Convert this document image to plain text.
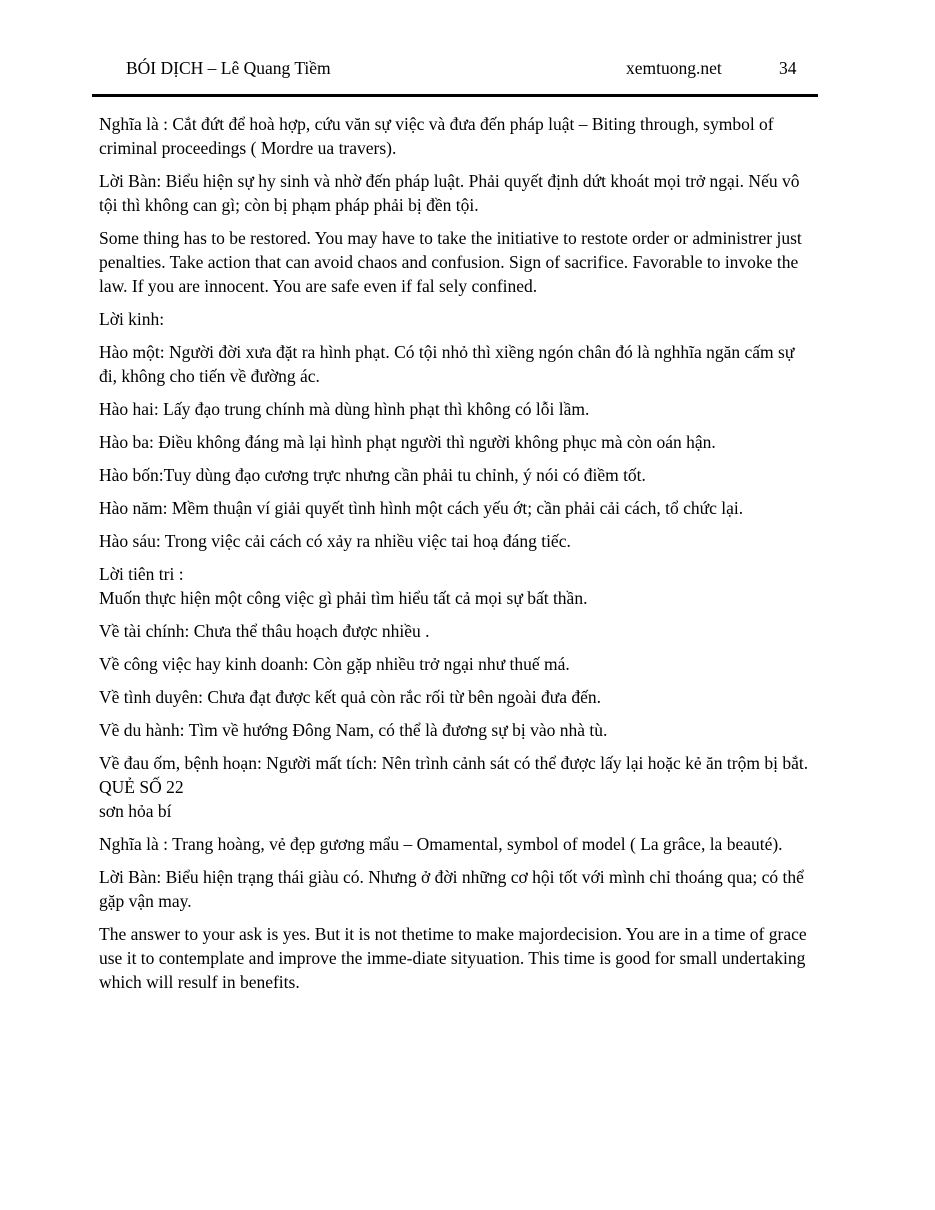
BÓI DỊCH – Lê Quang Tiềm	xemtuong.net	34

Nghĩa là : Cắt đứt để hoà hợp, cứu văn sự việc và đưa đến pháp luật – Biting through, symbol of criminal proceedings ( Mordre ua travers).

Lời Bàn: Biểu hiện sự hy sinh và nhờ đến pháp luật. Phải quyết định dứt khoát mọi trở ngại. Nếu vô tội thì không can gì; còn bị phạm pháp phải bị đền tội.

Some thing has to be restored. You may have to take the initiative to restote order or administrer just penalties. Take action that can avoid chaos and confusion. Sign of sacrifice. Favorable to invoke the law. If you are innocent. You are safe even if fal sely confined.

Lời kinh:

Hào một: Người đời xưa đặt ra hình phạt. Có tội nhỏ thì xiềng ngón chân đó là nghhĩa ngăn cấm sự đi, không cho tiến về đường ác.

Hào hai: Lấy đạo trung chính mà dùng hình phạt thì không có lỗi lầm.

Hào ba: Điều không đáng mà lại hình phạt người thì người không phục mà còn oán hận.

Hào bốn:Tuy dùng đạo cương trực nhưng cần phải tu chỉnh, ý nói có điềm tốt.

Hào năm: Mềm thuận ví giải quyết tình hình một cách yếu ớt; cần phải cải cách, tổ chức lại.

Hào sáu: Trong việc cải cách có xảy ra nhiều việc tai hoạ đáng tiếc.

Lời tiên tri :

Muốn thực hiện một công việc gì phải tìm hiểu tất cả mọi sự bất thần.

Về tài chính: Chưa thể thâu hoạch được nhiều .

Về công việc hay kinh doanh: Còn gặp nhiều trở ngại như thuế má.

Về tình duyên: Chưa đạt được kết quả còn rắc rối từ bên ngoài đưa đến.

Về du hành: Tìm về hướng Đông Nam, có thể là đương sự bị vào nhà tù.

Về đau ốm, bệnh hoạn: Người mất tích: Nên trình cảnh sát có thể được lấy lại hoặc kẻ ăn trộm bị bắt.

QUẺ SỐ 22

sơn hỏa bí

Nghĩa là : Trang hoàng, vẻ đẹp gương mẩu – Omamental, symbol of model ( La grâce, la beauté).

Lời Bàn: Biểu hiện trạng thái giàu có. Nhưng ở đời những cơ hội tốt với mình chỉ thoáng qua; có thể gặp vận may.

The answer to your ask is yes. But it is not thetime to make majordecision. You are in a time of grace use it to contemplate and improve the imme-diate sityuation. This time is good for small undertaking which will resulf in benefits.
